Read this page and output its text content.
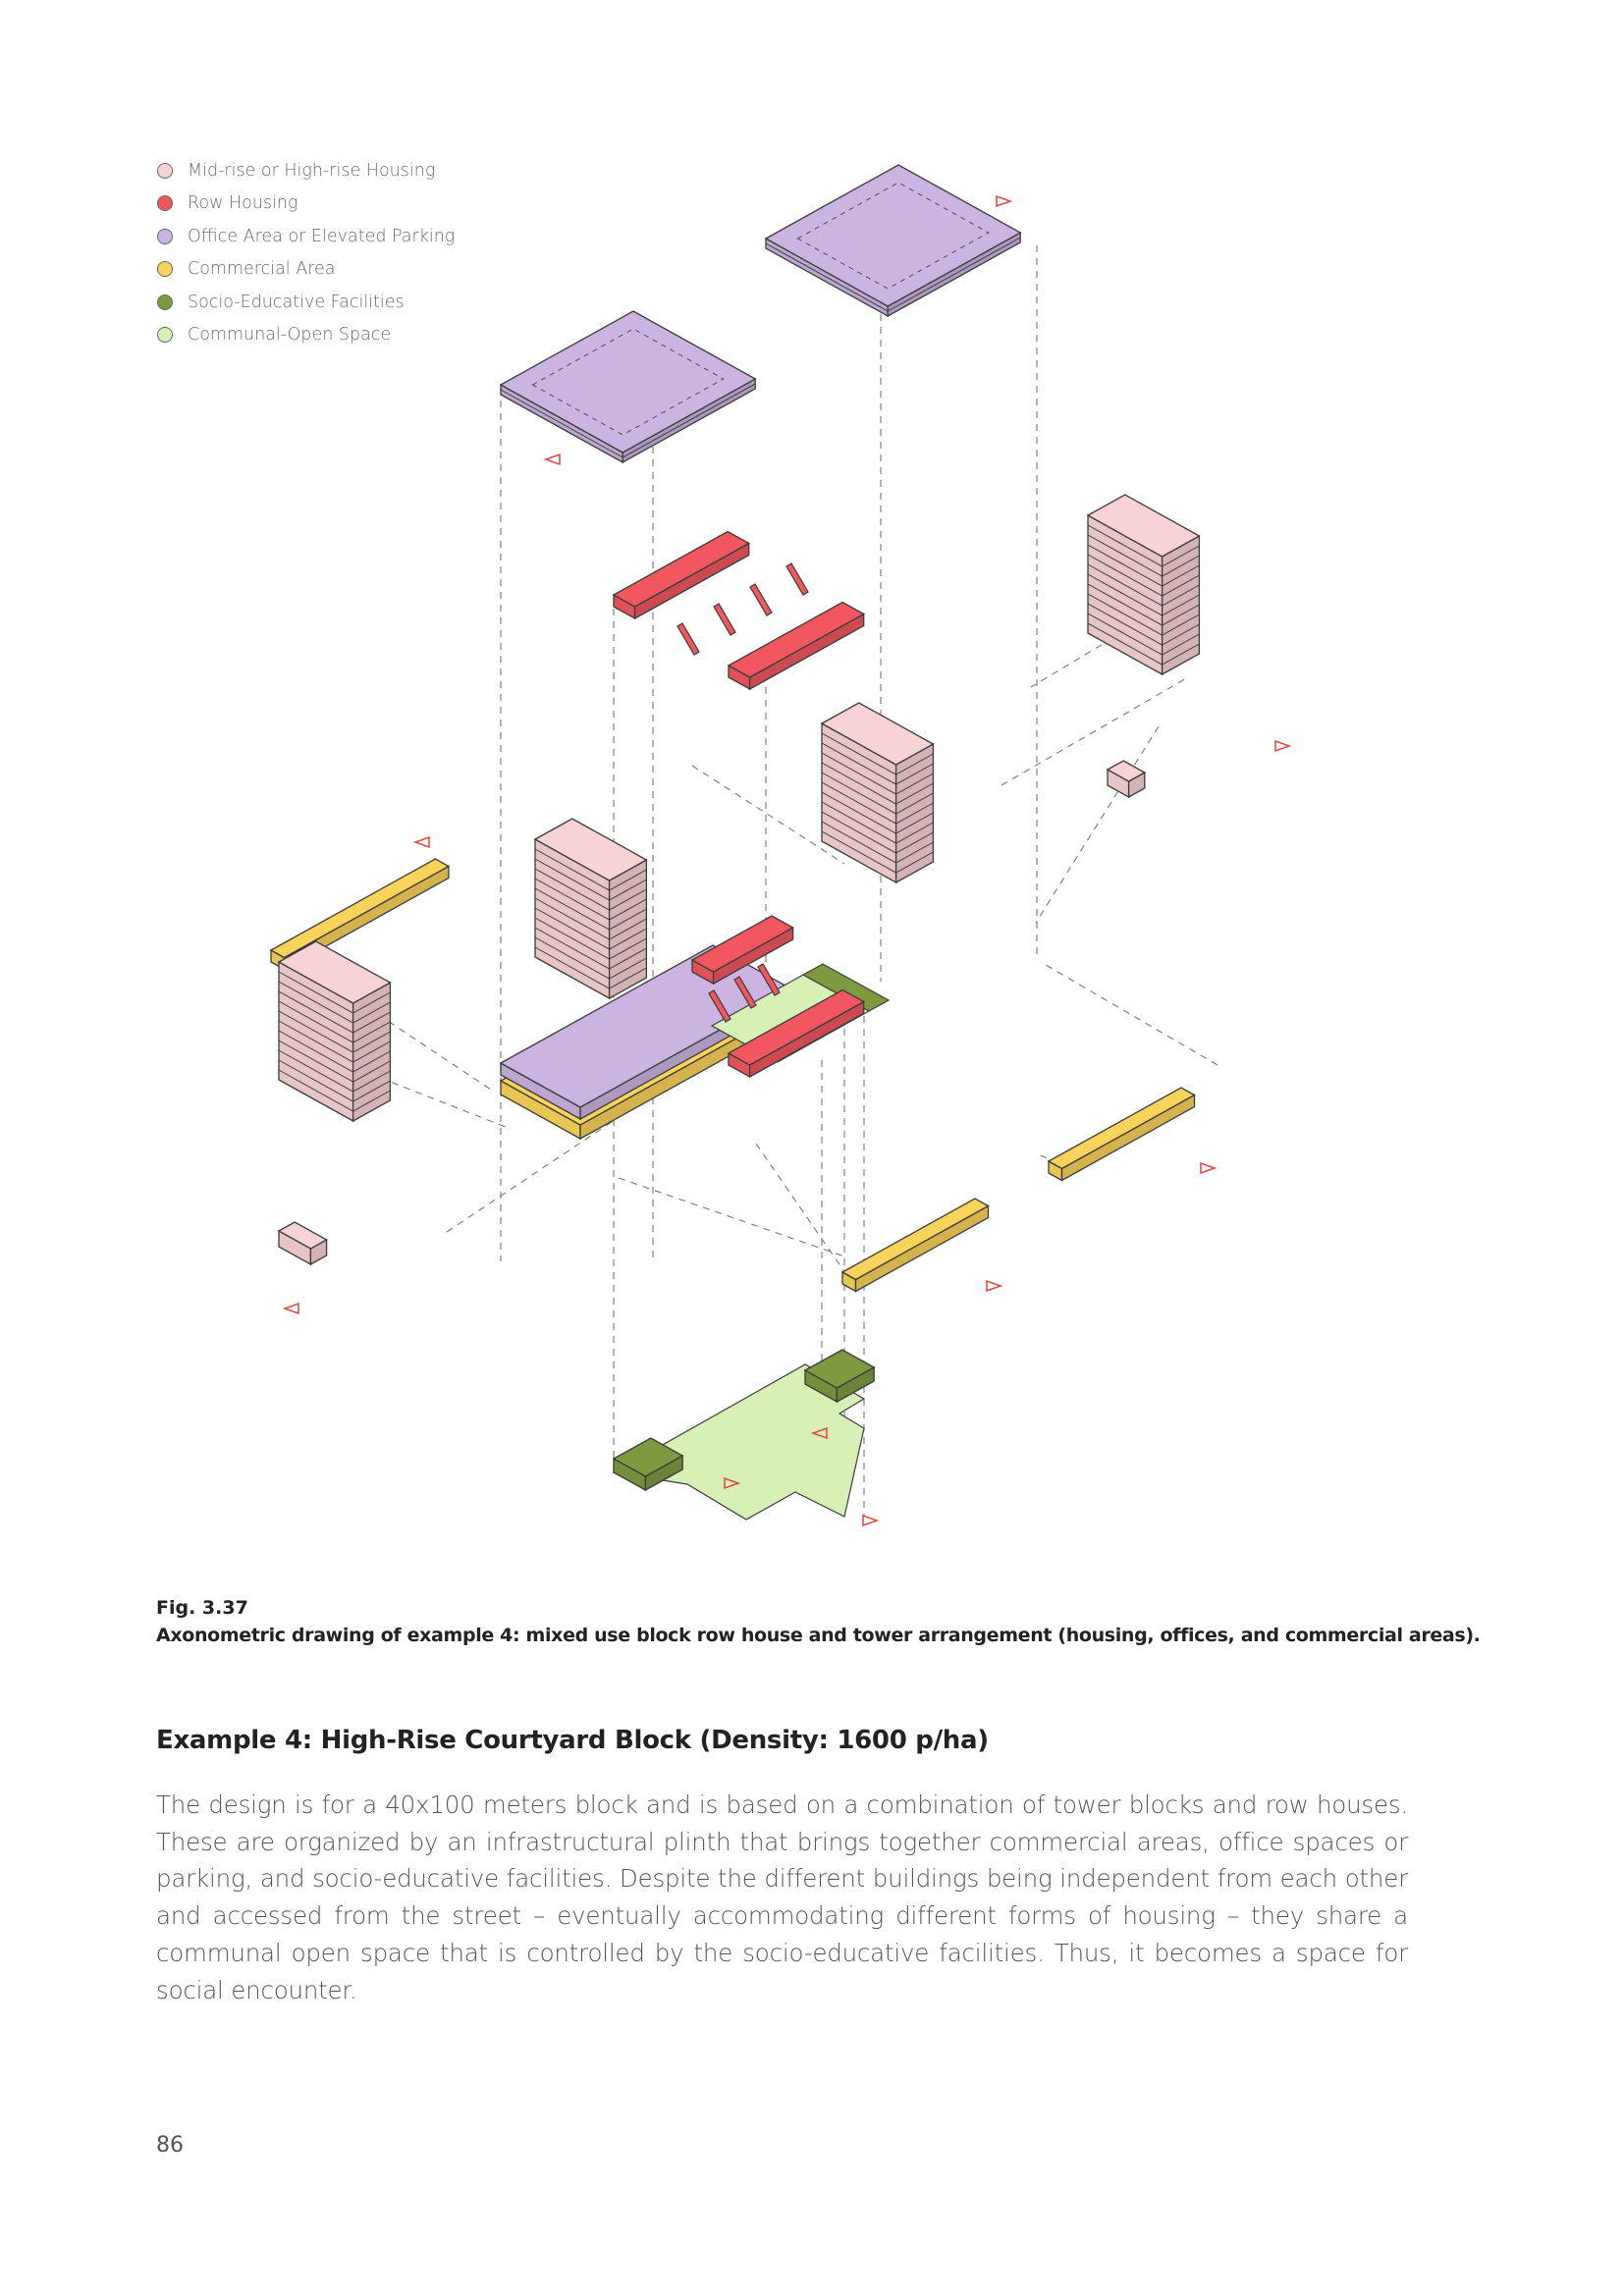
Mid-rise or High-rise Housing
Row Housing
Office Area or Elevated Parking
Commercial Area
Socio-Educative Facilities
Communal-Open Space
Fig. 3.37
Axonometric drawing of example 4: mixed use block row house and tower arrangement (housing, offices, and commercial areas).
Example 4: High-Rise Courtyard Block (Density: 1600 p/ha)

The design is for a 40x100 meters block and is based on a combination of tower blocks and row houses. These are organized by an infrastructural plinth that brings together commercial areas, office spaces or parking, and socio-educative facilities. Despite the different buildings being independent from each other and accessed from the street – eventually accommodating different forms of housing – they share a communal open space that is controlled by the socio-educative facilities. Thus, it becomes a space for social encounter.

86
